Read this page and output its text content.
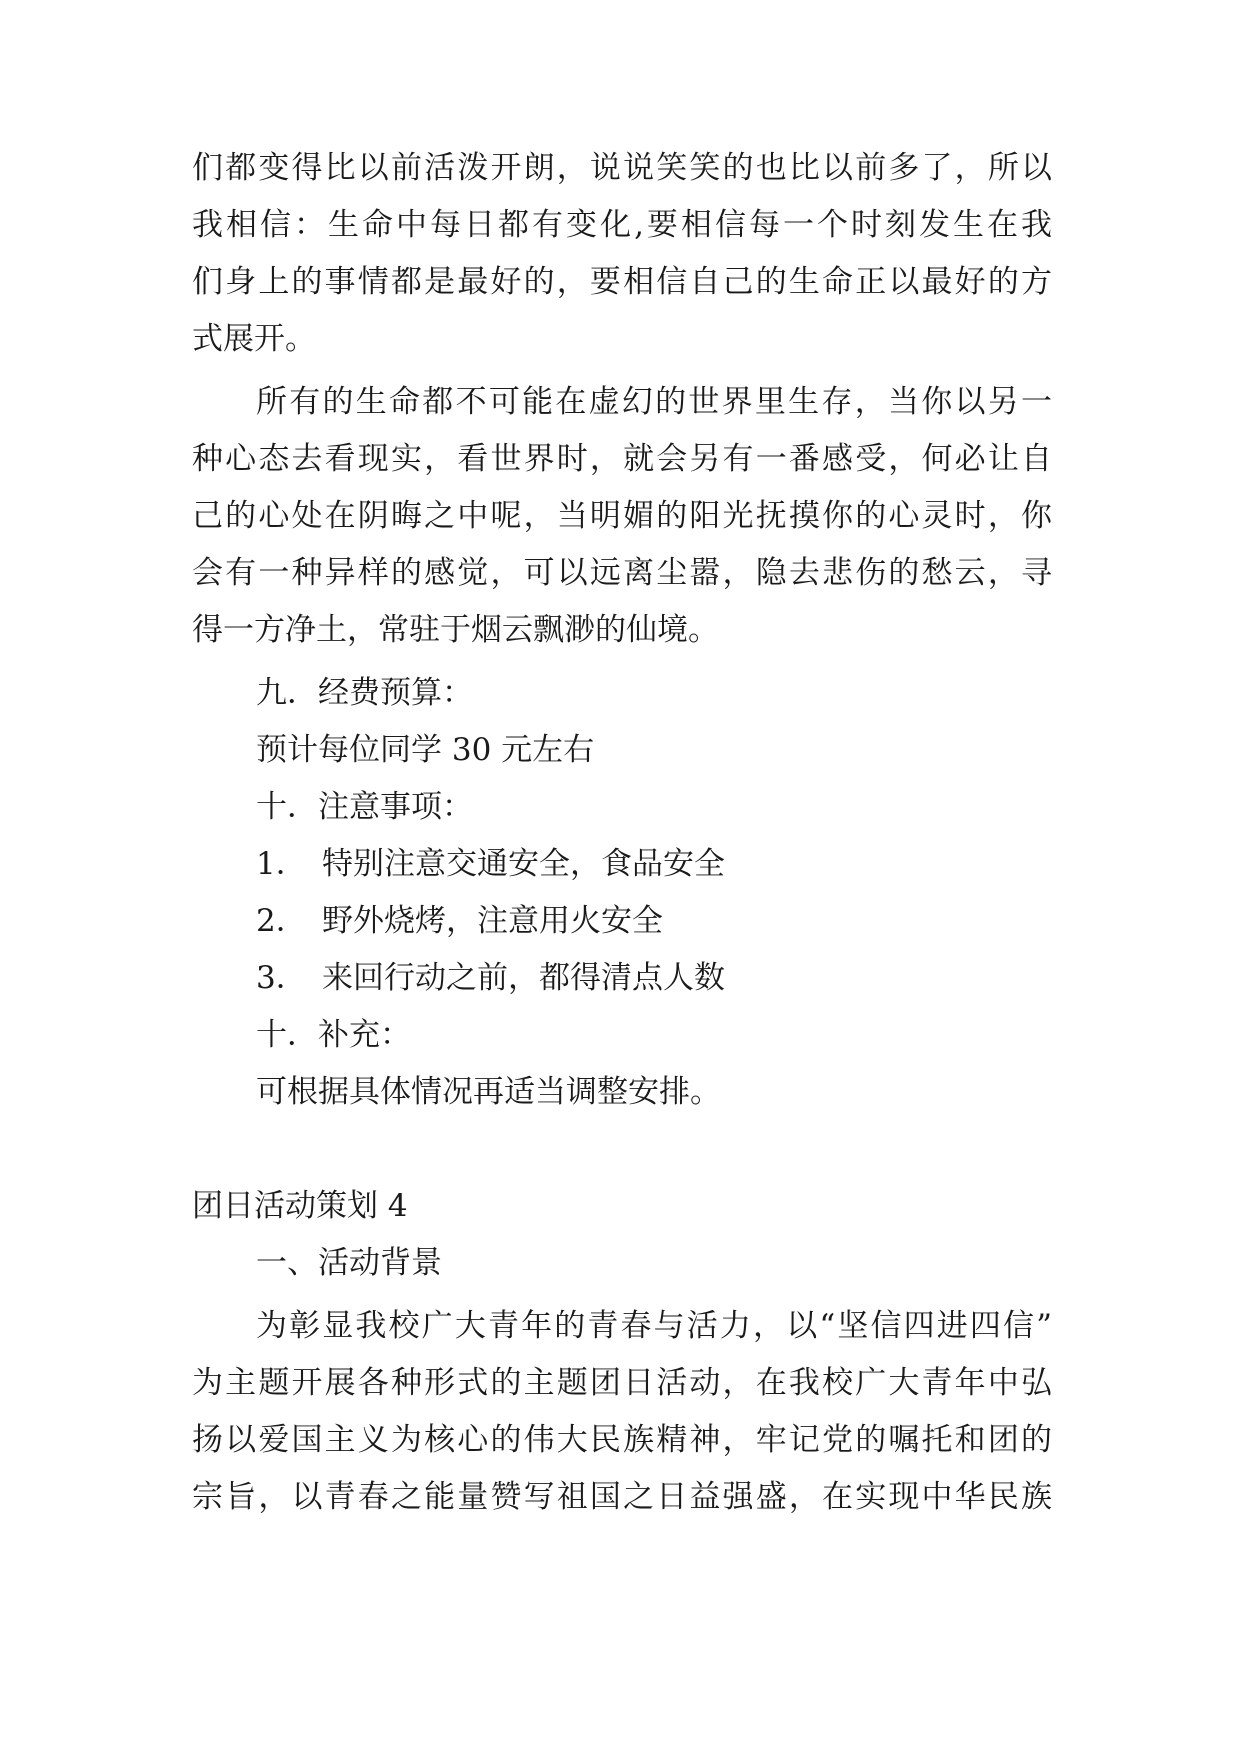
们都变得比以前活泼开朗，说说笑笑的也比以前多了，所以
我相信：生命中每日都有变化,要相信每一个时刻发生在我
们身上的事情都是最好的，要相信自己的生命正以最好的方
式展开。
所有的生命都不可能在虚幻的世界里生存，当你以另一
种心态去看现实，看世界时，就会另有一番感受，何必让自
己的心处在阴晦之中呢，当明媚的阳光抚摸你的心灵时，你
会有一种异样的感觉，可以远离尘嚣，隐去悲伤的愁云，寻
得一方净土，常驻于烟云飘渺的仙境。
九．经费预算：
预计每位同学 30 元左右
十．注意事项：
1． 特别注意交通安全，食品安全
2． 野外烧烤，注意用火安全
3． 来回行动之前，都得清点人数
十．补充：
可根据具体情况再适当调整安排。
团日活动策划 4
一、活动背景
为彰显我校广大青年的青春与活力，以“坚信四进四信”
为主题开展各种形式的主题团日活动，在我校广大青年中弘
扬以爱国主义为核心的伟大民族精神，牢记党的嘱托和团的
宗旨，以青春之能量赞写祖国之日益强盛，在实现中华民族
